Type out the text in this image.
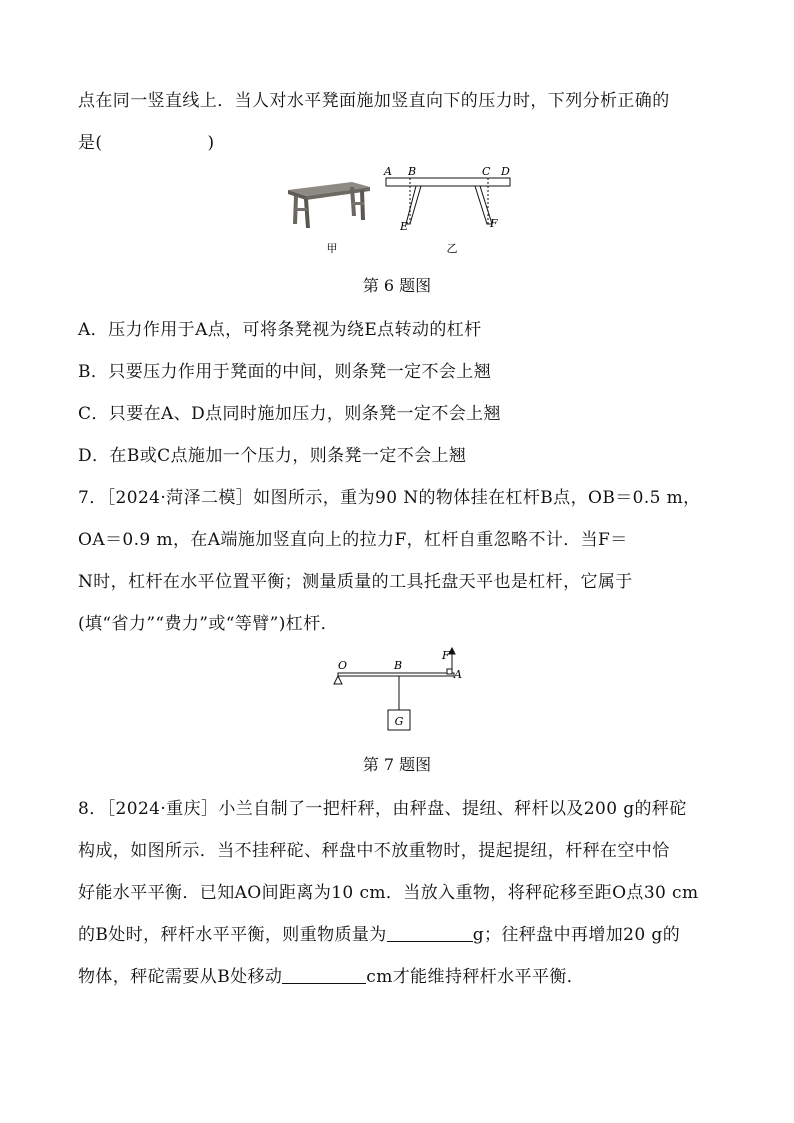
点在同一竖直线上．当人对水平凳面施加竖直向下的压力时，下列分析正确的
是(	)
甲
A B	C D
E	F
乙
第 6 题图
A．压力作用于A点，可将条凳视为绕E点转动的杠杆
B．只要压力作用于凳面的中间，则条凳一定不会上翘
C．只要在A、D点同时施加压力，则条凳一定不会上翘
D．在B或C点施加一个压力，则条凳一定不会上翘
7．［2024·菏泽二模］如图所示，重为90 N的物体挂在杠杆B点，OB＝0.5 m，
OA＝0.9 m，在A端施加竖直向上的拉力F，杠杆自重忽略不计．当F＝
N时，杠杆在水平位置平衡；测量质量的工具托盘天平也是杠杆，它属于
(填“省力”“费力”或“等臂”)杠杆．
O	B
F
A
G
第 7 题图
8．［2024·重庆］小兰自制了一把杆秤，由秤盘、提纽、秤杆以及200 g的秤砣
构成，如图所示．当不挂秤砣、秤盘中不放重物时，提起提纽，杆秤在空中恰
好能水平平衡．已知AO间距离为10 cm．当放入重物，将秤砣移至距O点30 cm
的B处时，秤杆水平平衡，则重物质量为	g；往秤盘中再增加20 g的
物体，秤砣需要从B处移动	cm才能维持秤杆水平平衡．
